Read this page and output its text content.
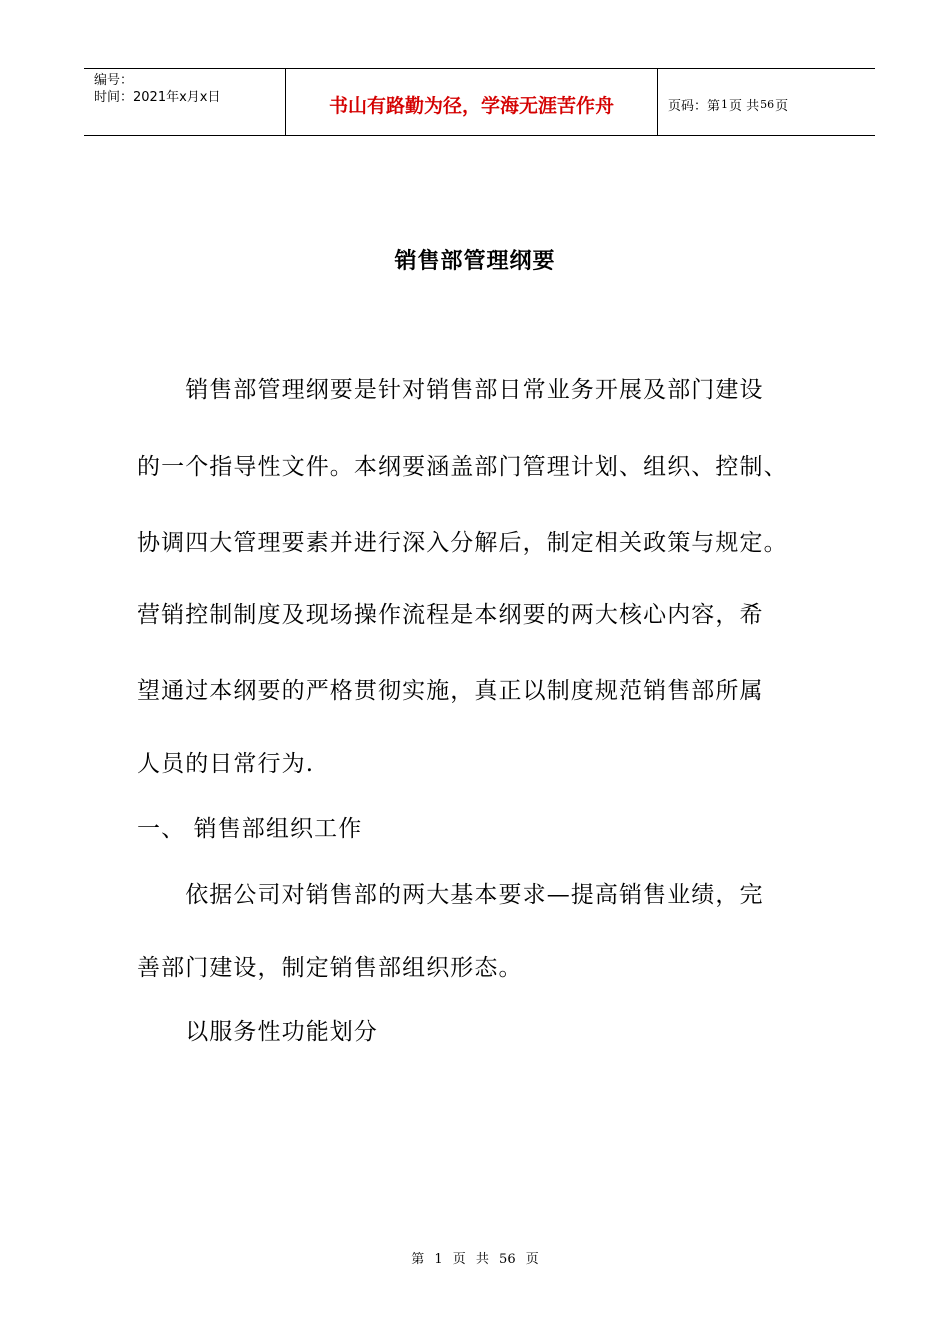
编号：
时间：2021年x月x日	书山有路勤为径，学海无涯苦作舟	页码：第 1 页 共 56 页
销售部管理纲要
　　销售部管理纲要是针对销售部日常业务开展及部门建设
的一个指导性文件。本纲要涵盖部门管理计划、组织、控制、
协调四大管理要素并进行深入分解后，制定相关政策与规定。
营销控制制度及现场操作流程是本纲要的两大核心内容，希
望通过本纲要的严格贯彻实施，真正以制度规范销售部所属
人员的日常行为.
一、 销售部组织工作
　　依据公司对销售部的两大基本要求—提高销售业绩，完
善部门建设，制定销售部组织形态。
　　以服务性功能划分
第 1 页 共 56 页
